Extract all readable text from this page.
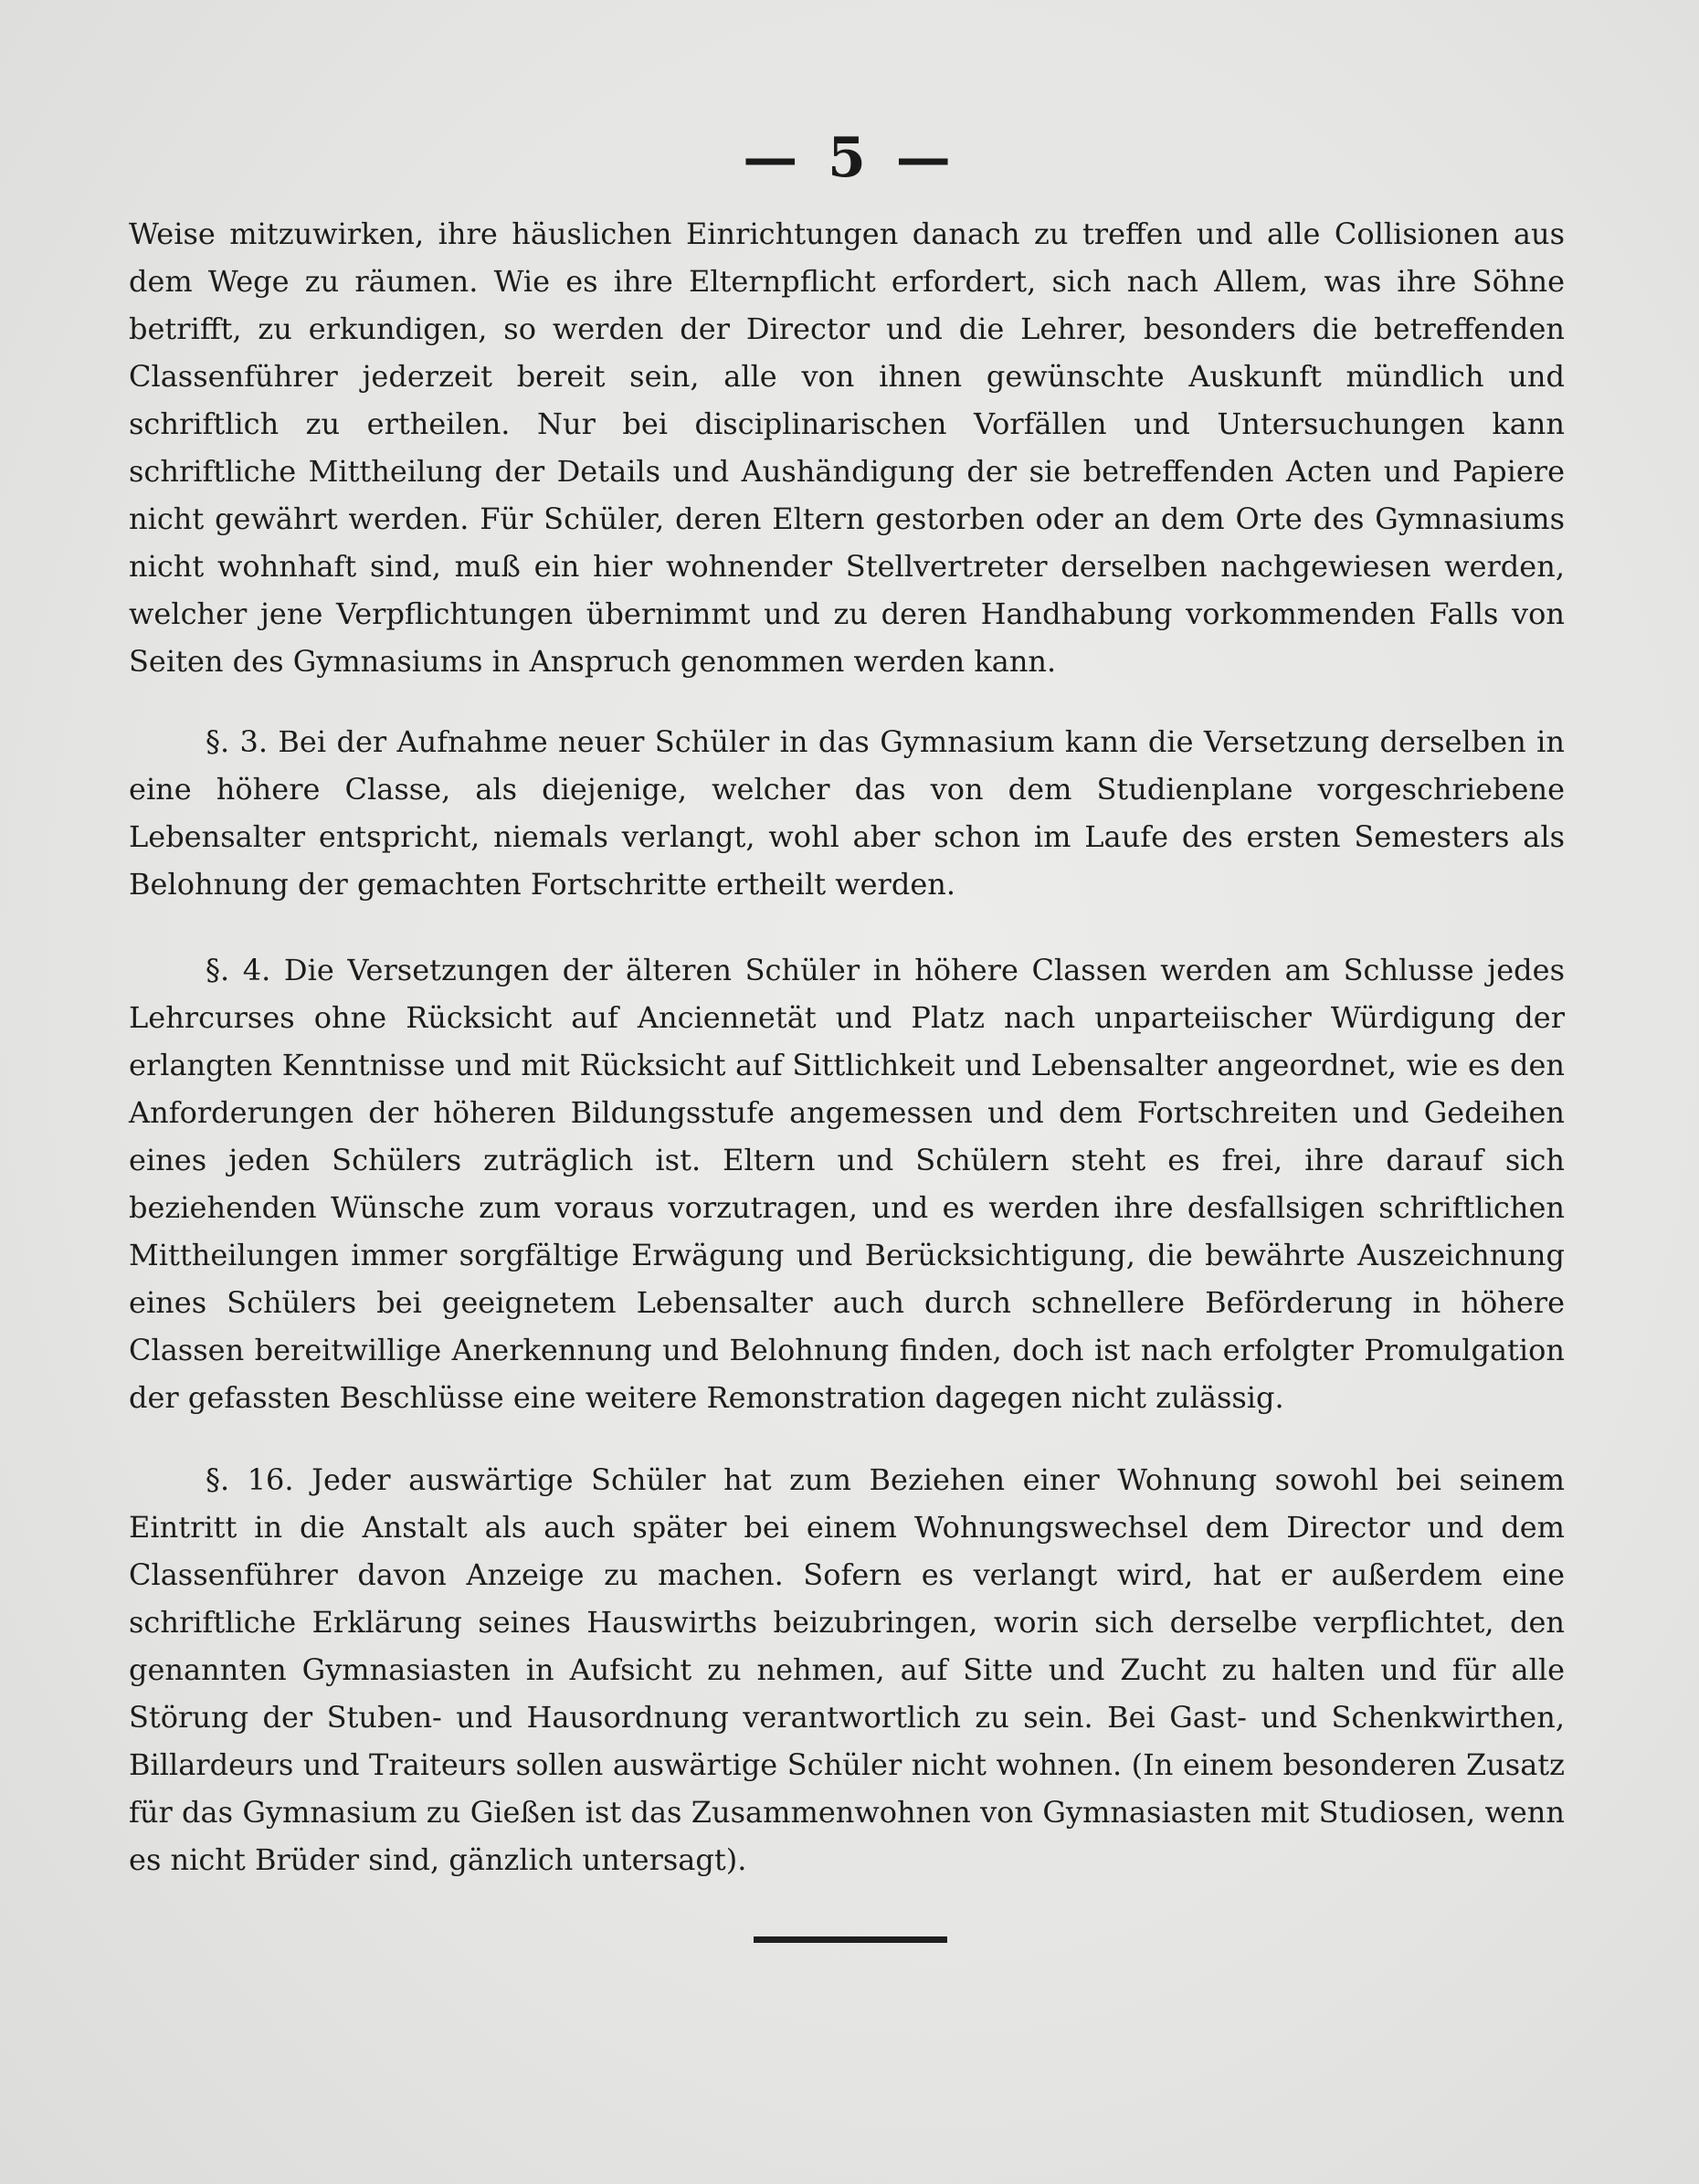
— 5 —

Weise mitzuwirken, ihre häuslichen Einrichtungen danach zu treffen und alle Collisionen aus dem Wege zu räumen. Wie es ihre Elternpflicht erfordert, sich nach Allem, was ihre Söhne betrifft, zu erkundigen, so werden der Director und die Lehrer, besonders die betreffenden Classenführer jederzeit bereit sein, alle von ihnen gewünschte Auskunft mündlich und schriftlich zu ertheilen. Nur bei disciplinarischen Vorfällen und Untersuchungen kann schriftliche Mittheilung der Details und Aushändigung der sie betreffenden Acten und Papiere nicht gewährt werden. Für Schüler, deren Eltern gestorben oder an dem Orte des Gymnasiums nicht wohnhaft sind, muß ein hier wohnender Stellvertreter derselben nachgewiesen werden, welcher jene Verpflichtungen übernimmt und zu deren Handhabung vorkommenden Falls von Seiten des Gymnasiums in Anspruch genommen werden kann.

§. 3. Bei der Aufnahme neuer Schüler in das Gymnasium kann die Versetzung derselben in eine höhere Classe, als diejenige, welcher das von dem Studienplane vorgeschriebene Lebensalter entspricht, niemals verlangt, wohl aber schon im Laufe des ersten Semesters als Belohnung der gemachten Fortschritte ertheilt werden.

§. 4. Die Versetzungen der älteren Schüler in höhere Classen werden am Schlusse jedes Lehrcurses ohne Rücksicht auf Anciennetät und Platz nach unparteiischer Würdigung der erlangten Kenntnisse und mit Rücksicht auf Sittlichkeit und Lebensalter angeordnet, wie es den Anforderungen der höheren Bildungsstufe angemessen und dem Fortschreiten und Gedeihen eines jeden Schülers zuträglich ist. Eltern und Schülern steht es frei, ihre darauf sich beziehenden Wünsche zum voraus vorzutragen, und es werden ihre desfallsigen schriftlichen Mittheilungen immer sorgfältige Erwägung und Berücksichtigung, die bewährte Auszeichnung eines Schülers bei geeignetem Lebensalter auch durch schnellere Beförderung in höhere Classen bereitwillige Anerkennung und Belohnung finden, doch ist nach erfolgter Promulgation der gefassten Beschlüsse eine weitere Remonstration dagegen nicht zulässig.

§. 16. Jeder auswärtige Schüler hat zum Beziehen einer Wohnung sowohl bei seinem Eintritt in die Anstalt als auch später bei einem Wohnungswechsel dem Director und dem Classenführer davon Anzeige zu machen. Sofern es verlangt wird, hat er außerdem eine schriftliche Erklärung seines Hauswirths beizubringen, worin sich derselbe verpflichtet, den genannten Gymnasiasten in Aufsicht zu nehmen, auf Sitte und Zucht zu halten und für alle Störung der Stuben- und Hausordnung verantwortlich zu sein. Bei Gast- und Schenkwirthen, Billardeurs und Traiteurs sollen auswärtige Schüler nicht wohnen. (In einem besonderen Zusatz für das Gymnasium zu Gießen ist das Zusammenwohnen von Gymnasiasten mit Studiosen, wenn es nicht Brüder sind, gänzlich untersagt).
